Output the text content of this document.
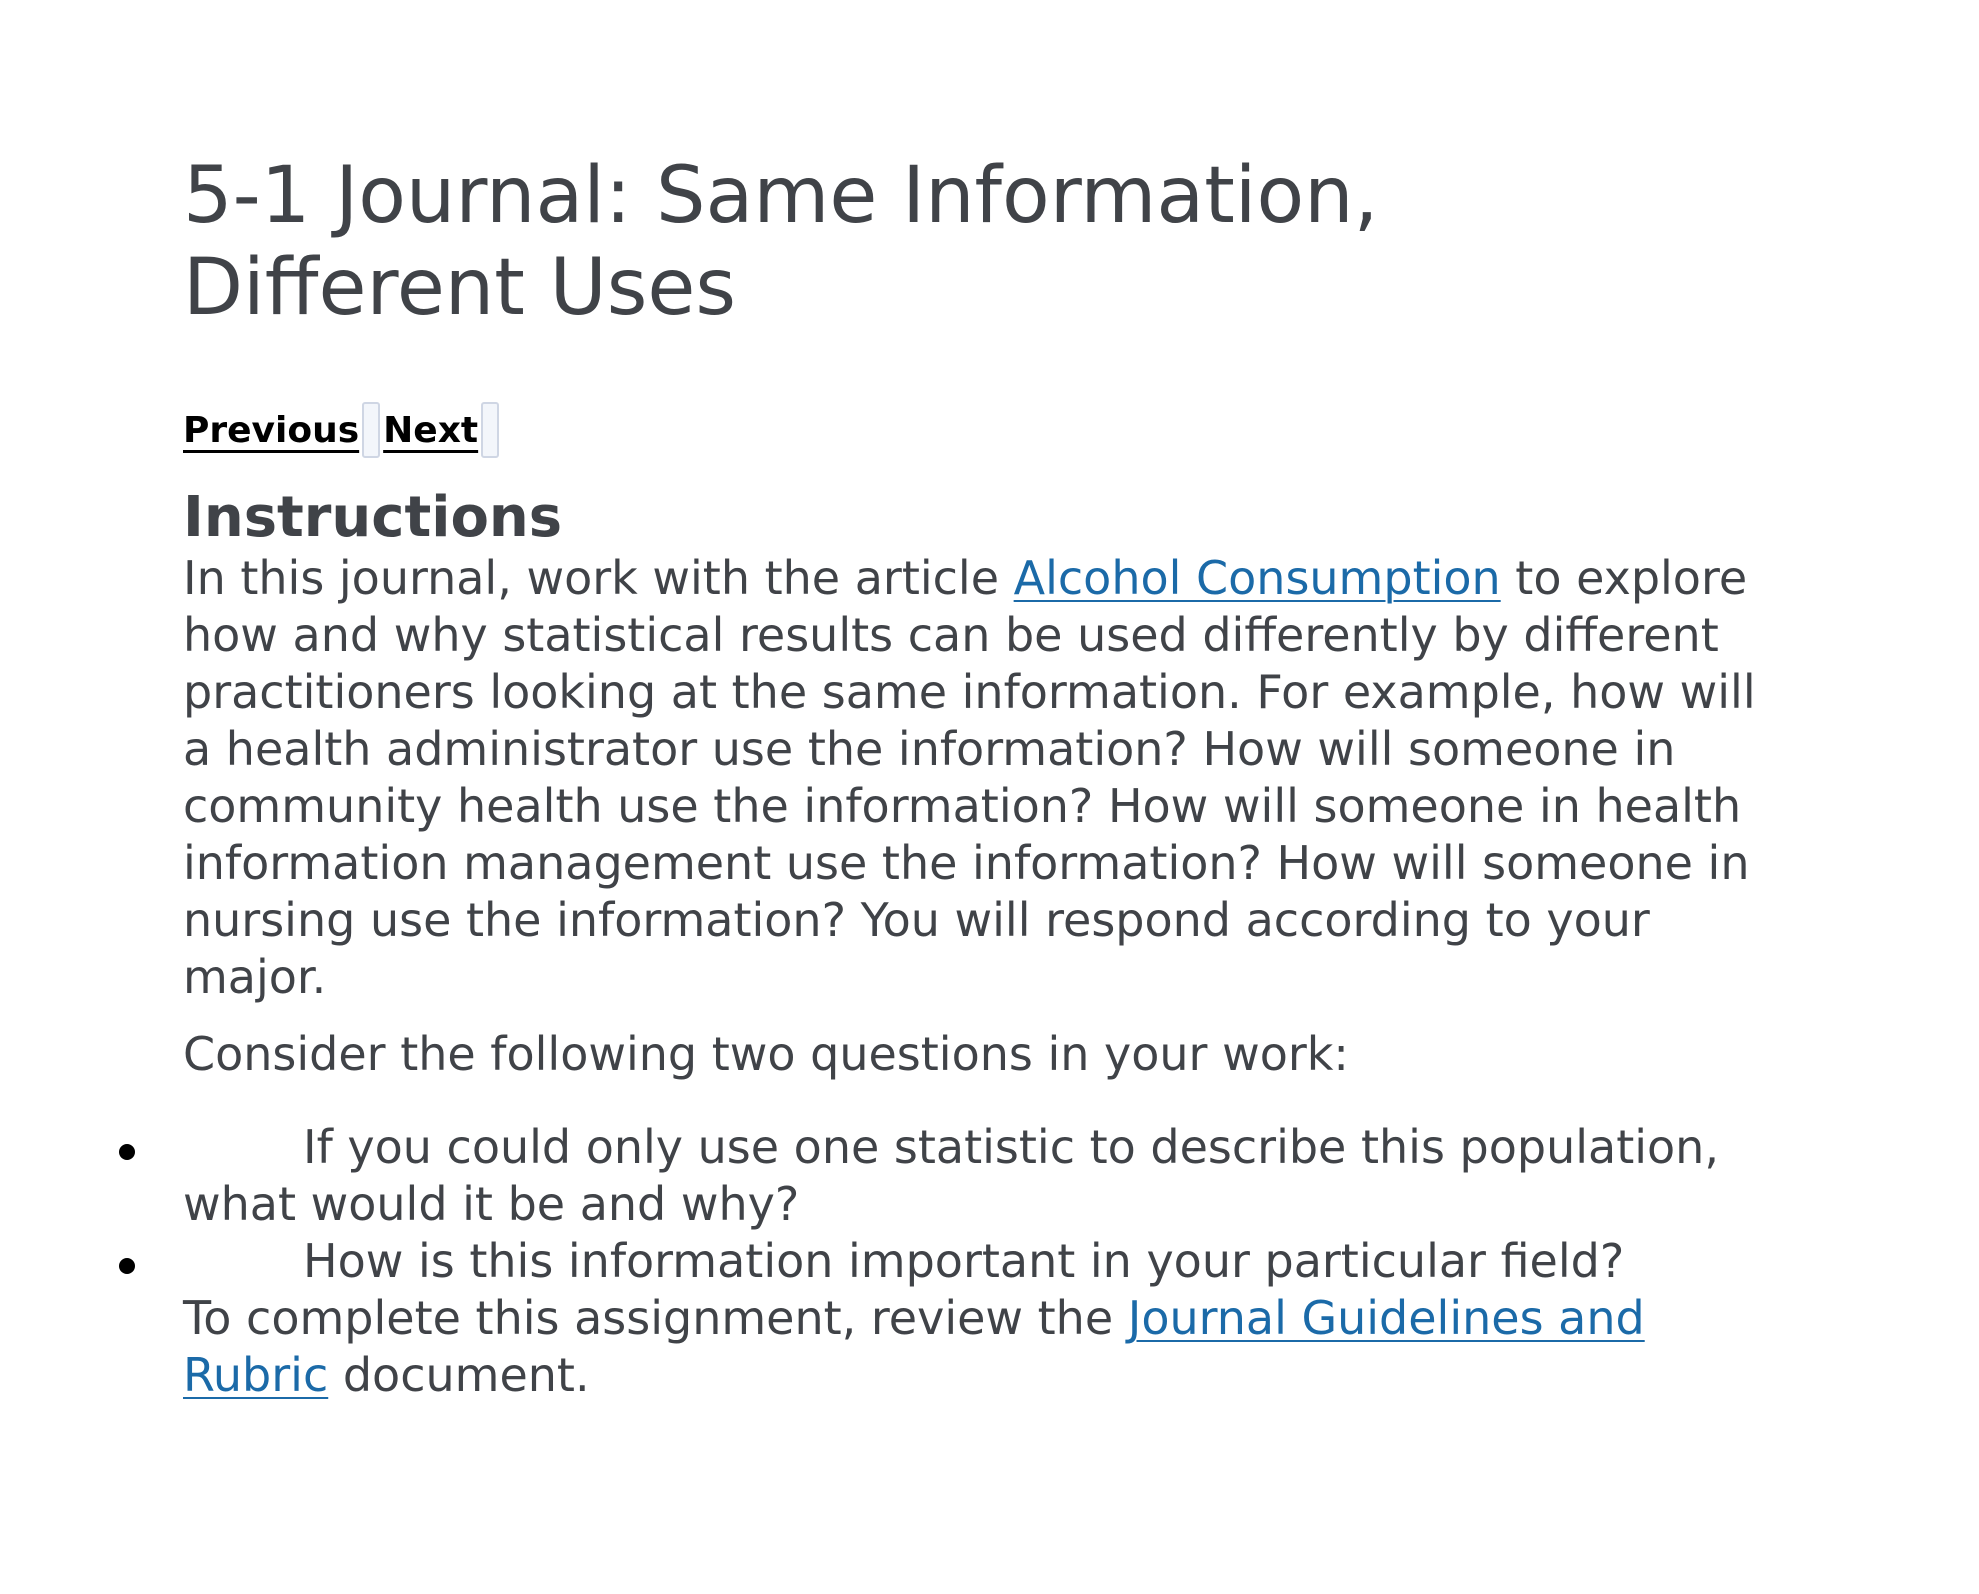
5-1 Journal: Same Information, Different Uses
Previous Next
Instructions

In this journal, work with the article Alcohol Consumption to explore how and why statistical results can be used differently by different practitioners looking at the same information. For example, how will a health administrator use the information? How will someone in community health use the information? How will someone in health information management use the information? How will someone in nursing use the information? You will respond according to your major.

Consider the following two questions in your work:

If you could only use one statistic to describe this population, what would it be and why?
How is this information important in your particular field?

To complete this assignment, review the Journal Guidelines and Rubric document.
